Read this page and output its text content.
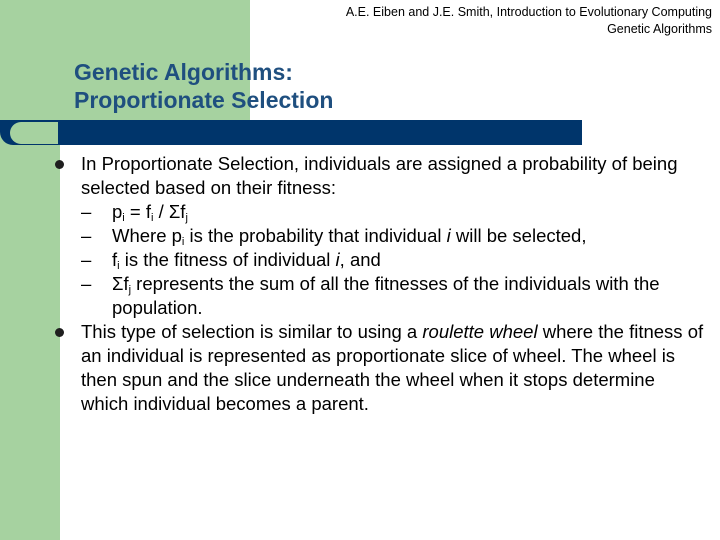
A.E. Eiben and J.E. Smith, Introduction to Evolutionary Computing
Genetic Algorithms
Genetic Algorithms:
Proportionate Selection
In Proportionate Selection, individuals are assigned a probability of being selected based on their fitness:
– $p_i = f_i / \Sigma f_j$
– Where $p_i$ is the probability that individual i will be selected,
– $f_i$ is the fitness of individual i, and
– $\Sigma f_j$ represents the sum of all the fitnesses of the individuals with the population.
This type of selection is similar to using a roulette wheel where the fitness of an individual is represented as proportionate slice of wheel. The wheel is then spun and the slice underneath the wheel when it stops determine which individual becomes a parent.
